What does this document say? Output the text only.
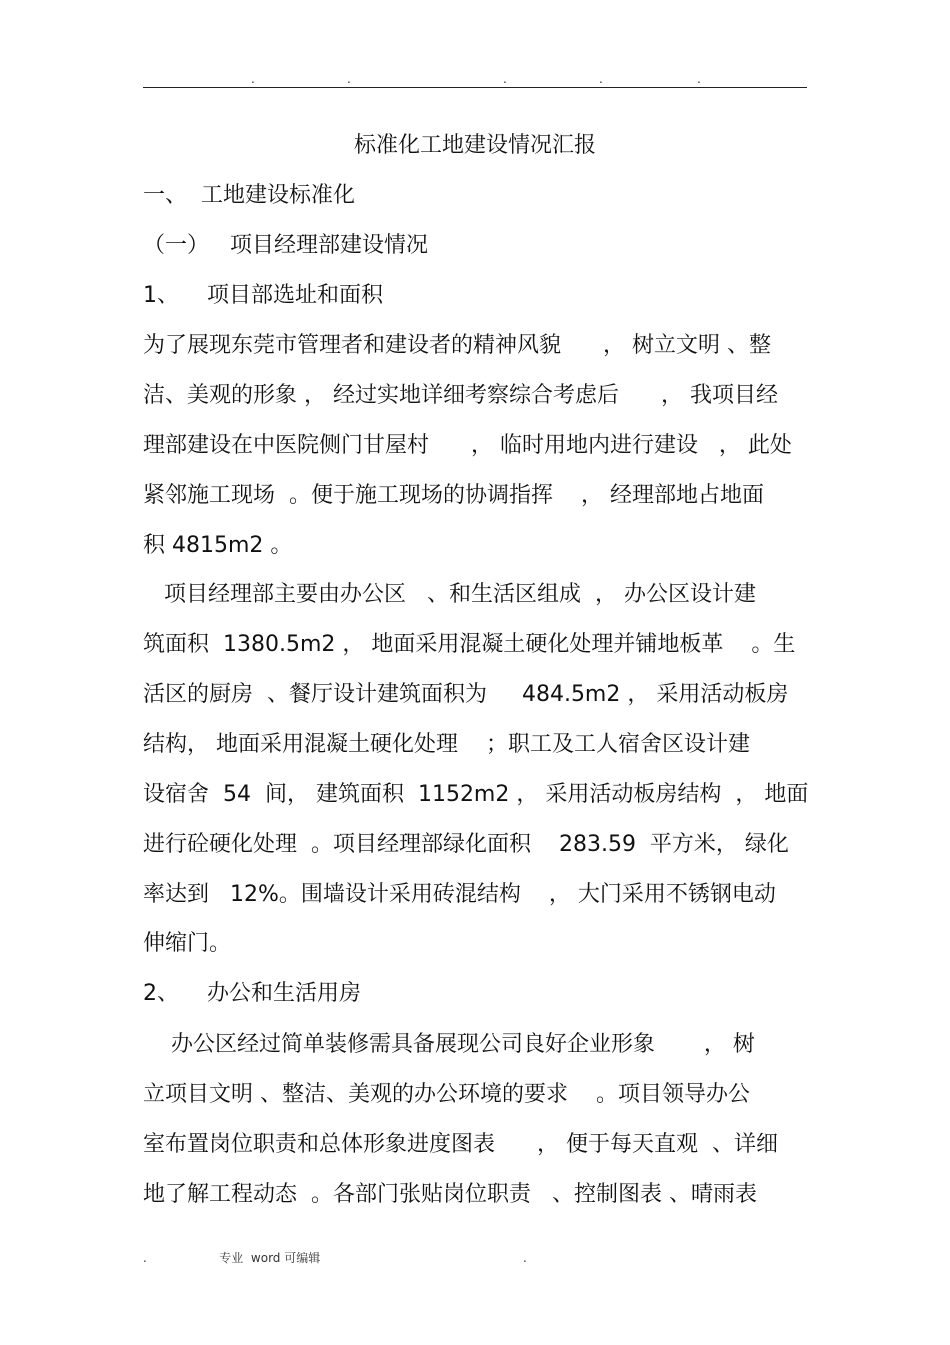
.	.	.	.	.
标准化工地建设情况汇报
一、  工地建设标准化
（一）   项目经理部建设情况
1、    项目部选址和面积
为了展现东莞市管理者和建设者的精神风貌      ， 树立文明 、整
洁、美观的形象 ， 经过实地详细考察综合考虑后      ， 我项目经
理部建设在中医院侧门甘屋村      ， 临时用地内进行建设   ， 此处
紧邻施工现场  。便于施工现场的协调指挥    ， 经理部地占地面
积 4815m2 。
项目经理部主要由办公区   、和生活区组成  ， 办公区设计建
筑面积  1380.5m2 ， 地面采用混凝土硬化处理并铺地板革    。生
活区的厨房  、餐厅设计建筑面积为     484.5m2 ， 采用活动板房
结构， 地面采用混凝土硬化处理    ；职工及工人宿舍区设计建
设宿舍  54  间， 建筑面积  1152m2 ， 采用活动板房结构  ， 地面
进行砼硬化处理  。项目经理部绿化面积    283.59  平方米， 绿化
率达到   12%。围墙设计采用砖混结构    ， 大门采用不锈钢电动
伸缩门。
2、    办公和生活用房
办公区经过简单装修需具备展现公司良好企业形象       ， 树
立项目文明 、整洁、美观的办公环境的要求    。项目领导办公
室布置岗位职责和总体形象进度图表      ， 便于每天直观  、详细
地了解工程动态  。各部门张贴岗位职责   、控制图表 、晴雨表
.                   专业  word 可编辑	.
